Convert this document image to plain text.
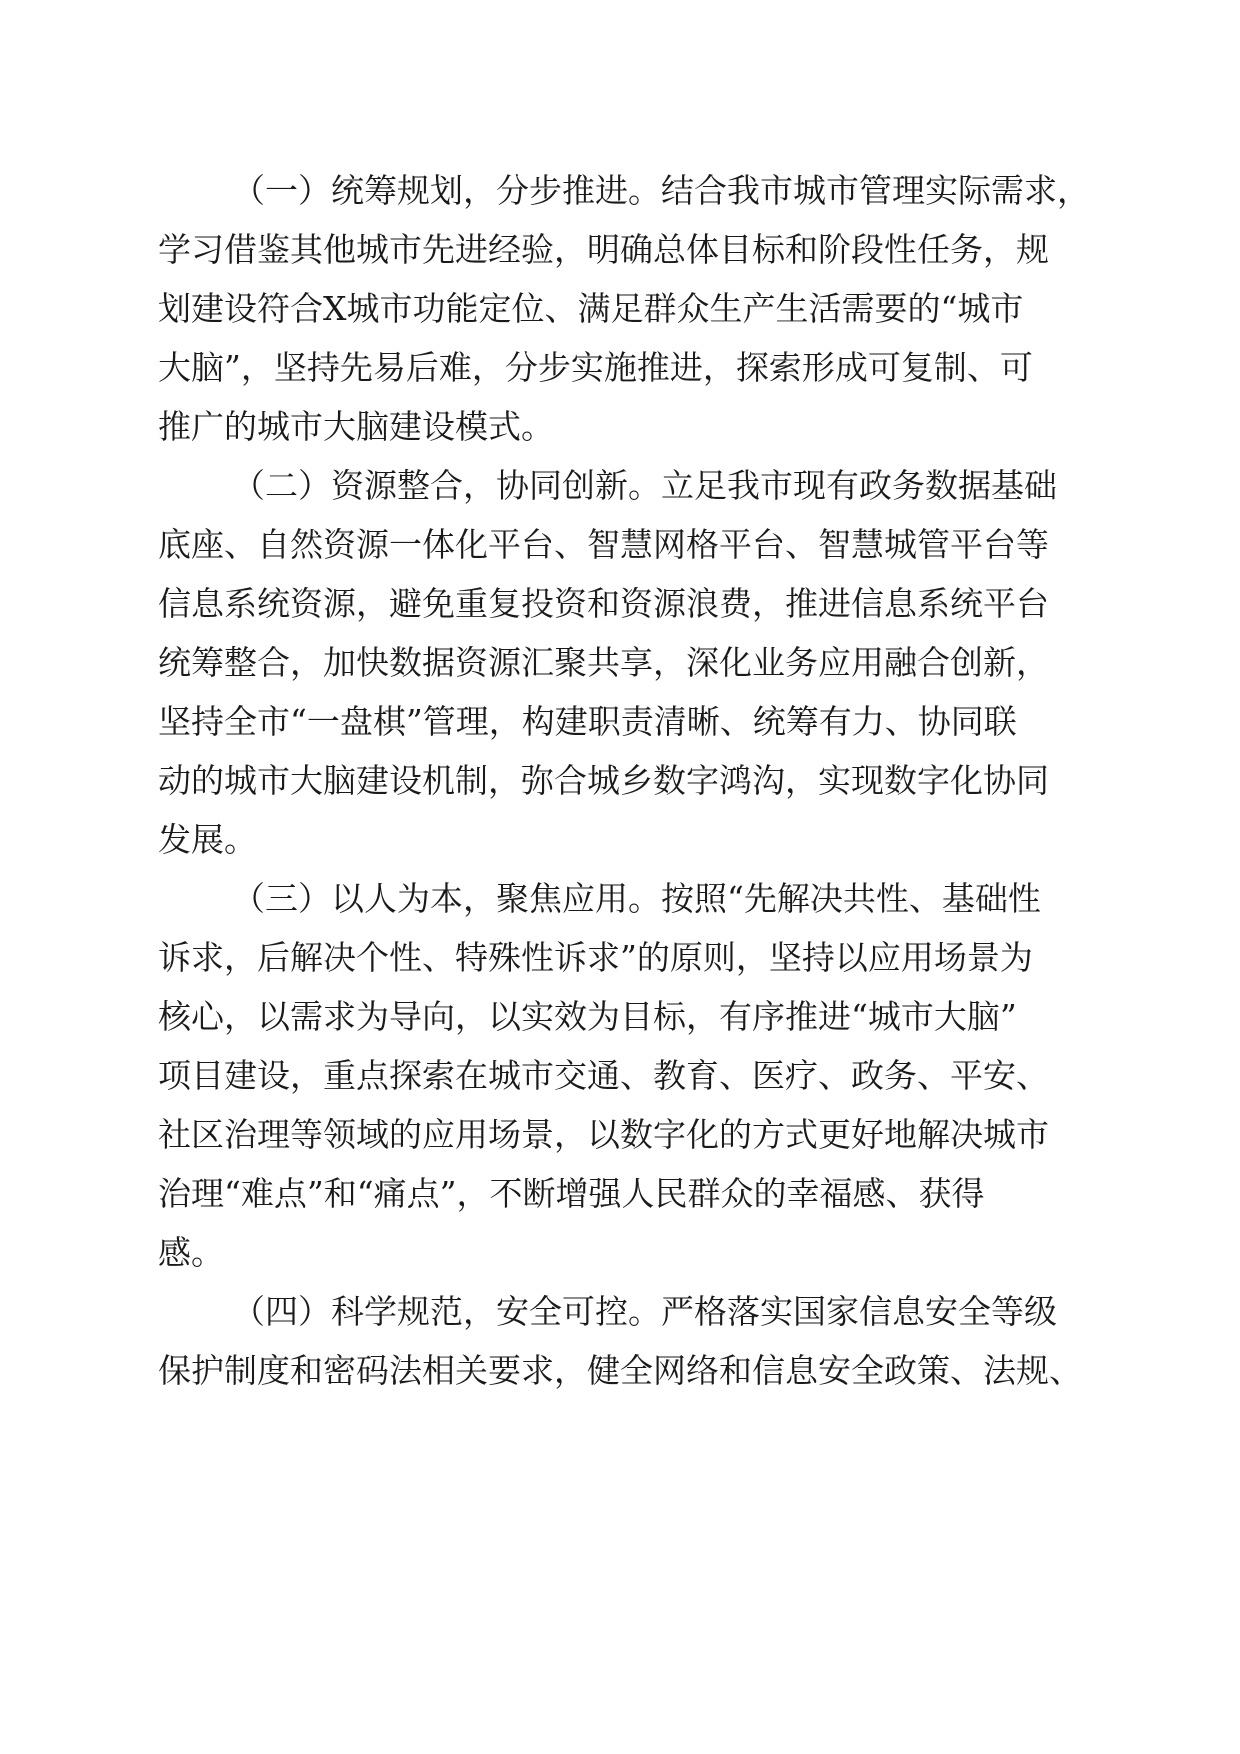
（一）统筹规划，分步推进。结合我市城市管理实际需求，

学习借鉴其他城市先进经验，明确总体目标和阶段性任务，规

划建设符合X城市功能定位、满足群众生产生活需要的“城市

大脑”，坚持先易后难，分步实施推进，探索形成可复制、可

推广的城市大脑建设模式。

（二）资源整合，协同创新。立足我市现有政务数据基础

底座、自然资源一体化平台、智慧网格平台、智慧城管平台等

信息系统资源，避免重复投资和资源浪费，推进信息系统平台

统筹整合，加快数据资源汇聚共享，深化业务应用融合创新，

坚持全市“一盘棋”管理，构建职责清晰、统筹有力、协同联

动的城市大脑建设机制，弥合城乡数字鸿沟，实现数字化协同

发展。

（三）以人为本，聚焦应用。按照“先解决共性、基础性

诉求，后解决个性、特殊性诉求”的原则，坚持以应用场景为

核心，以需求为导向，以实效为目标，有序推进“城市大脑”

项目建设，重点探索在城市交通、教育、医疗、政务、平安、

社区治理等领域的应用场景，以数字化的方式更好地解决城市

治理“难点”和“痛点”，不断增强人民群众的幸福感、获得

感。

（四）科学规范，安全可控。严格落实国家信息安全等级

保护制度和密码法相关要求，健全网络和信息安全政策、法规、
